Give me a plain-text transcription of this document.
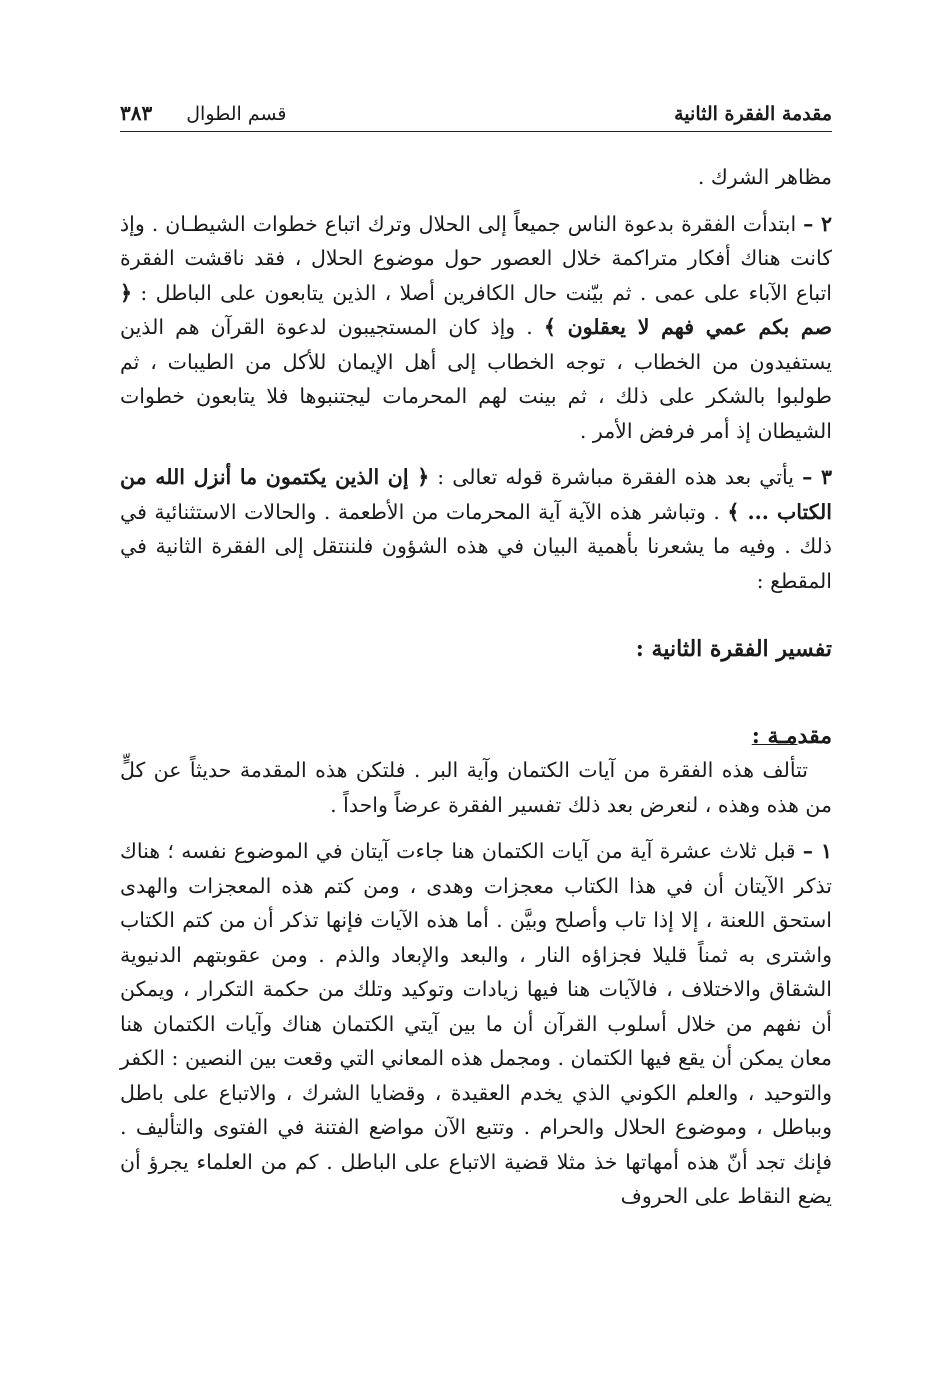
مقدمة الفقرة الثانية
قسم الطوال
٣٨٣

مظاهر الشرك .

٢ – ابتدأت الفقرة بدعوة الناس جميعاً إلى الحلال وترك اتباع خطوات الشيطـان . وإذ كانت هناك أفكار متراكمة خلال العصور حول موضوع الحلال ، فقد ناقشت الفقرة اتباع الآباء على عمى . ثم بيّنت حال الكافرين أصلا ، الذين يتابعون على الباطل : ﴿ صم بكم عمي فهم لا يعقلون ﴾ . وإذ كان المستجيبون لدعوة القرآن هم الذين يستفيدون من الخطاب ، توجه الخطاب إلى أهل الإيمان للأكل من الطيبات ، ثم طولبوا بالشكر على ذلك ، ثم بينت لهم المحرمات ليجتنبوها فلا يتابعون خطوات الشيطان إذ أمر فرفض الأمر .

٣ – يأتي بعد هذه الفقرة مباشرة قوله تعالى : ﴿ إن الذين يكتمون ما أنزل الله من الكتاب ... ﴾ . وتباشر هذه الآية آية المحرمات من الأطعمة . والحالات الاستثنائية في ذلك . وفيه ما يشعرنا بأهمية البيان في هذه الشؤون فلننتقل إلى الفقرة الثانية في المقطع :

تفسير الفقرة الثانية :

مقدمـة :

تتألف هذه الفقرة من آيات الكتمان وآية البر . فلتكن هذه المقدمة حديثاً عن كلٍّ من هذه وهذه ، لنعرض بعد ذلك تفسير الفقرة عرضاً واحداً .

١ – قبل ثلاث عشرة آية من آيات الكتمان هنا جاءت آيتان في الموضوع نفسه ؛ هناك تذكر الآيتان أن في هذا الكتاب معجزات وهدى ، ومن كتم هذه المعجزات والهدى استحق اللعنة ، إلا إذا تاب وأصلح وبيَّن . أما هذه الآيات فإنها تذكر أن من كتم الكتاب واشترى به ثمناً قليلا فجزاؤه النار ، والبعد والإبعاد والذم . ومن عقوبتهم الدنيوية الشقاق والاختلاف ، فالآيات هنا فيها زيادات وتوكيد وتلك من حكمة التكرار ، ويمكن أن نفهم من خلال أسلوب القرآن أن ما بين آيتي الكتمان هناك وآيات الكتمان هنا معان يمكن أن يقع فيها الكتمان . ومجمل هذه المعاني التي وقعت بين النصين : الكفر والتوحيد ، والعلم الكوني الذي يخدم العقيدة ، وقضايا الشرك ، والاتباع على باطل وبباطل ، وموضوع الحلال والحرام . وتتبع الآن مواضع الفتنة في الفتوى والتأليف . فإنك تجد أنّ هذه أمهاتها خذ مثلا قضية الاتباع على الباطل . كم من العلماء يجرؤ أن يضع النقاط على الحروف
